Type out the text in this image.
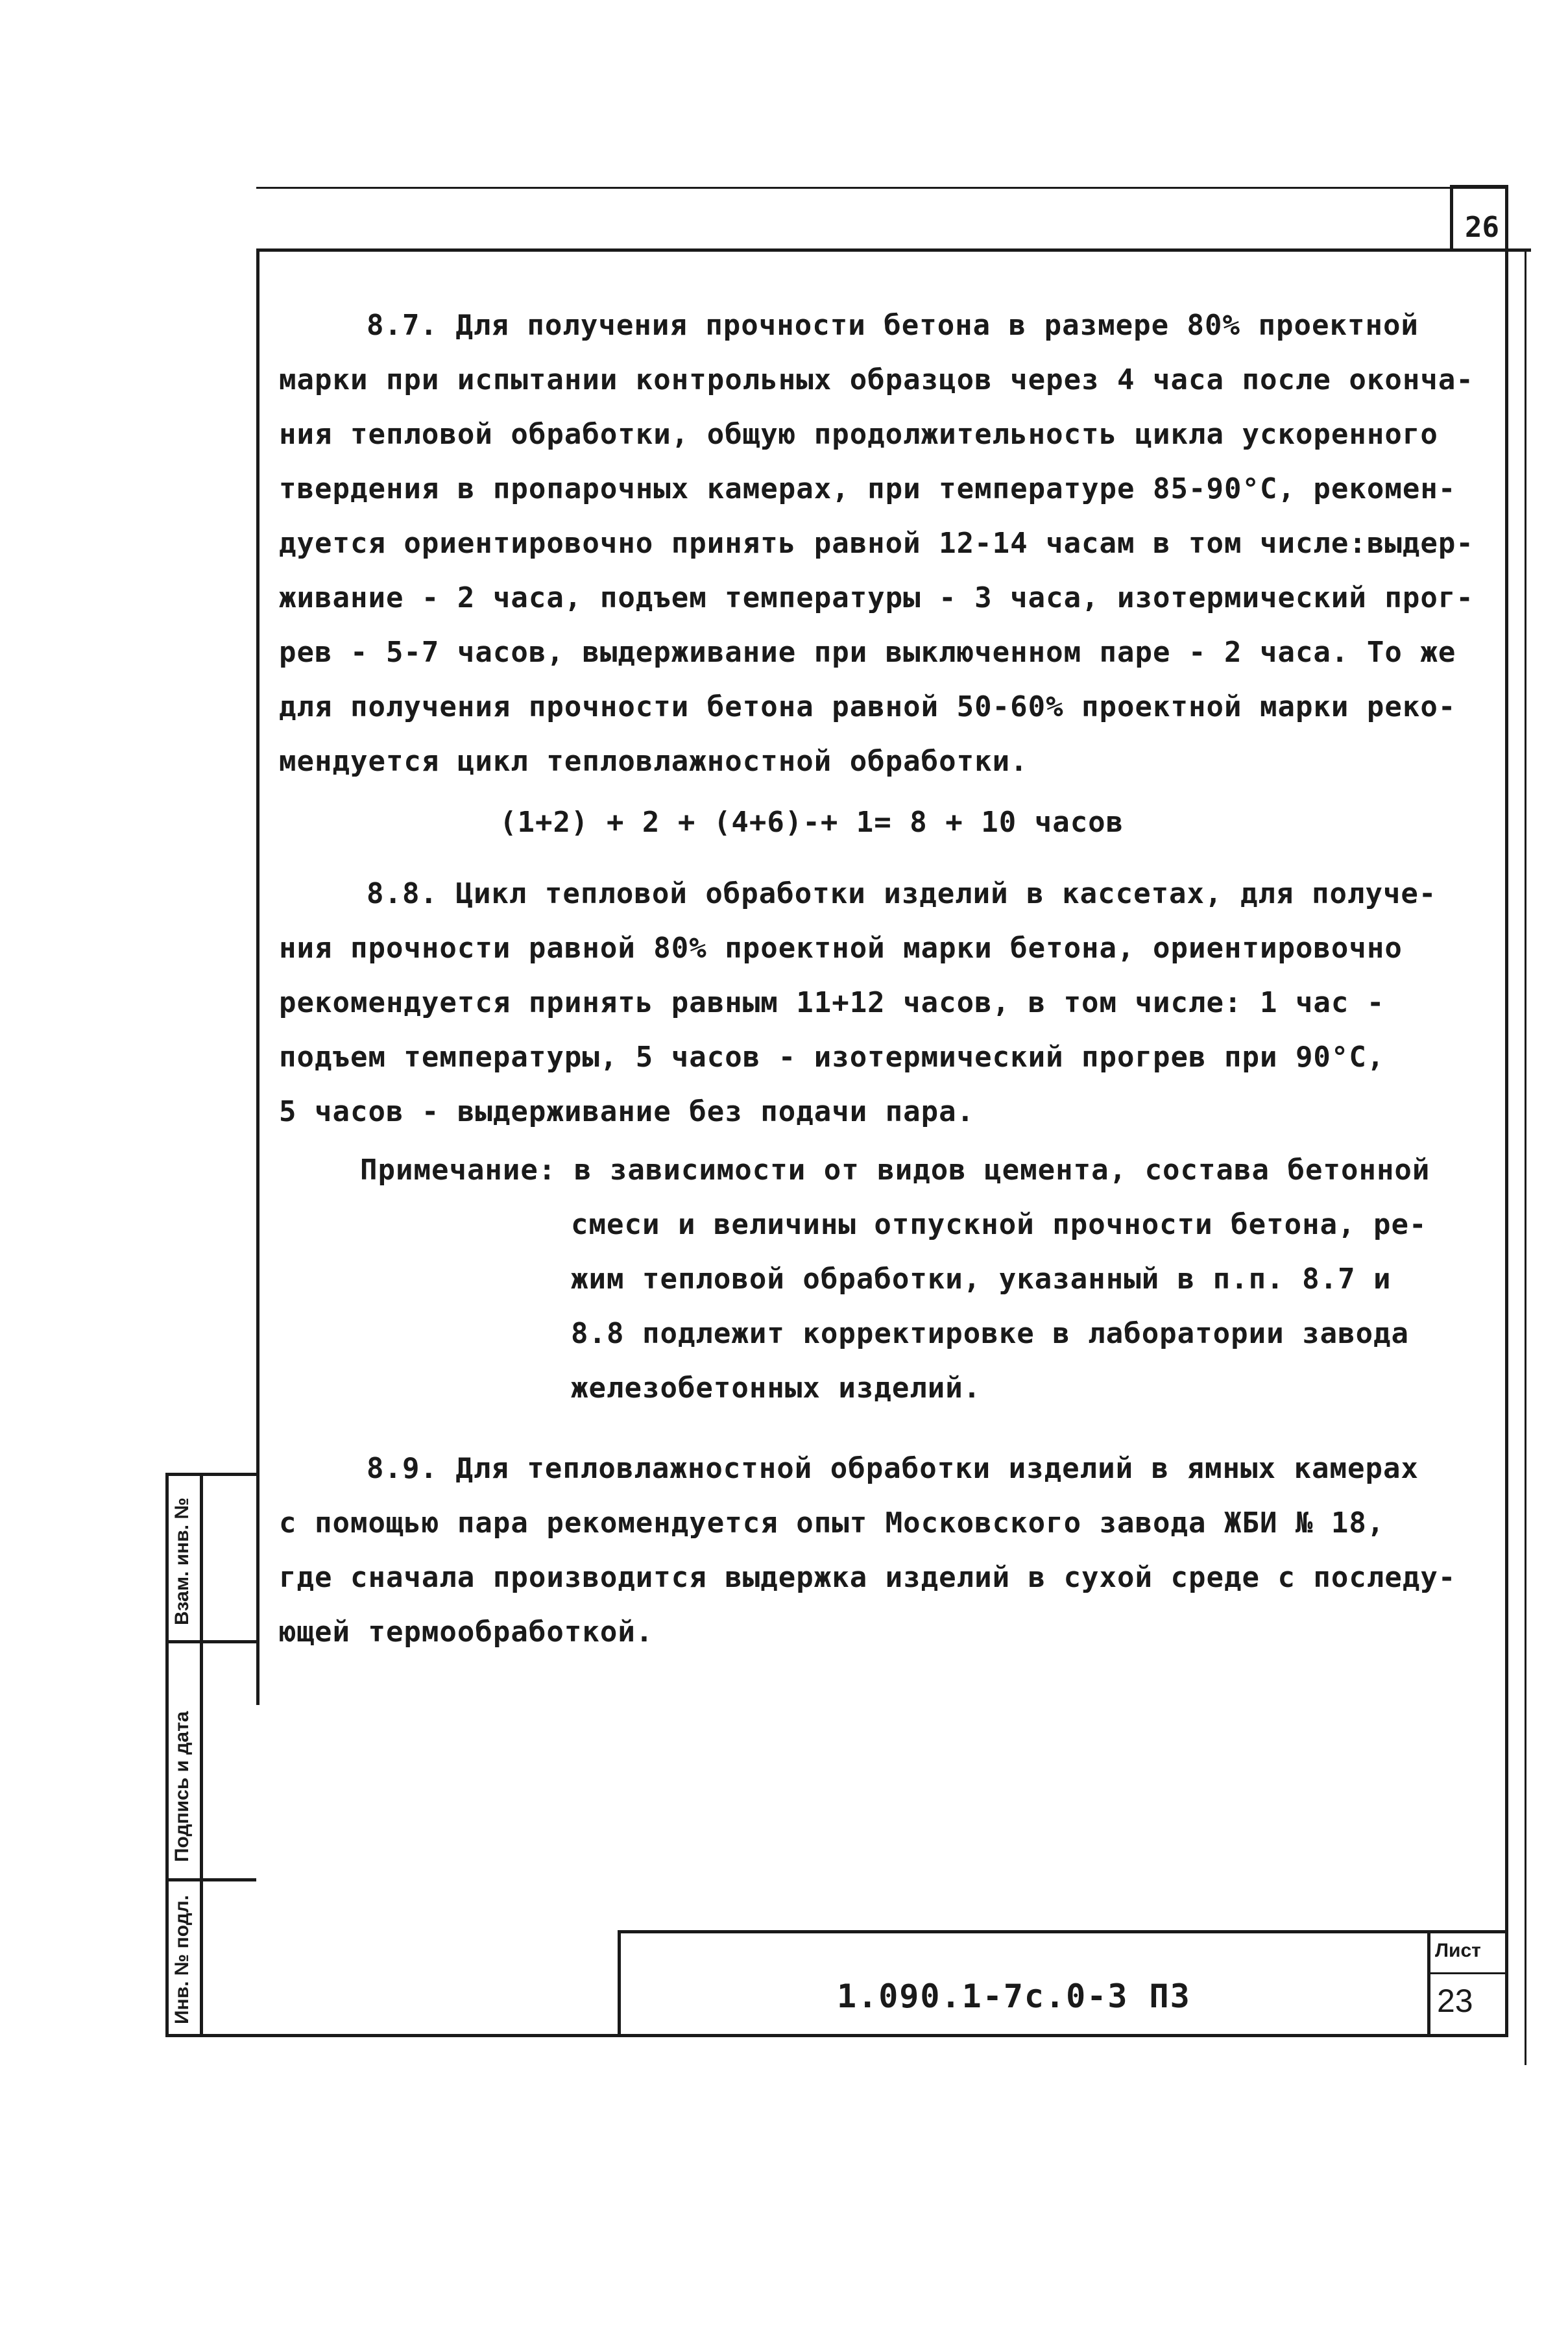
26
8.7. Для получения прочности бетона в размере 80% проектной
марки при испытании контрольных образцов через 4 часа после оконча-
ния тепловой обработки, общую продолжительность цикла ускоренного
твердения в пропарочных камерах, при температуре 85-90°С, рекомен-
дуется ориентировочно принять равной 12-14 часам в том числе:выдер-
живание - 2 часа, подъем температуры - 3 часа, изотермический прог-
рев - 5-7 часов, выдерживание при выключенном паре - 2 часа. То же
для получения прочности бетона равной 50-60% проектной марки реко-
мендуется цикл тепловлажностной обработки.
(1+2) + 2 + (4+6)-+ 1= 8 + 10 часов
8.8. Цикл тепловой обработки изделий в кассетах, для получе-
ния прочности равной 80% проектной марки бетона, ориентировочно
рекомендуется принять равным 11+12 часов, в том числе: 1 час -
подъем температуры, 5 часов - изотермический прогрев при 90°С,
5 часов - выдерживание без подачи пара.
Примечание: в зависимости от видов цемента, состава бетонной
смеси и величины отпускной прочности бетона, ре-
жим тепловой обработки, указанный в п.п. 8.7 и
8.8 подлежит корректировке в лаборатории завода
железобетонных изделий.
8.9. Для тепловлажностной обработки изделий в ямных камерах
с помощью пара рекомендуется опыт Московского завода ЖБИ № 18,
где сначала производится выдержка изделий в сухой среде с последу-
ющей термообработкой.
Взам. инв. №
Подпись и дата
Инв. № подл.	1.090.1-7с.0-3 ПЗ
Лист
23
